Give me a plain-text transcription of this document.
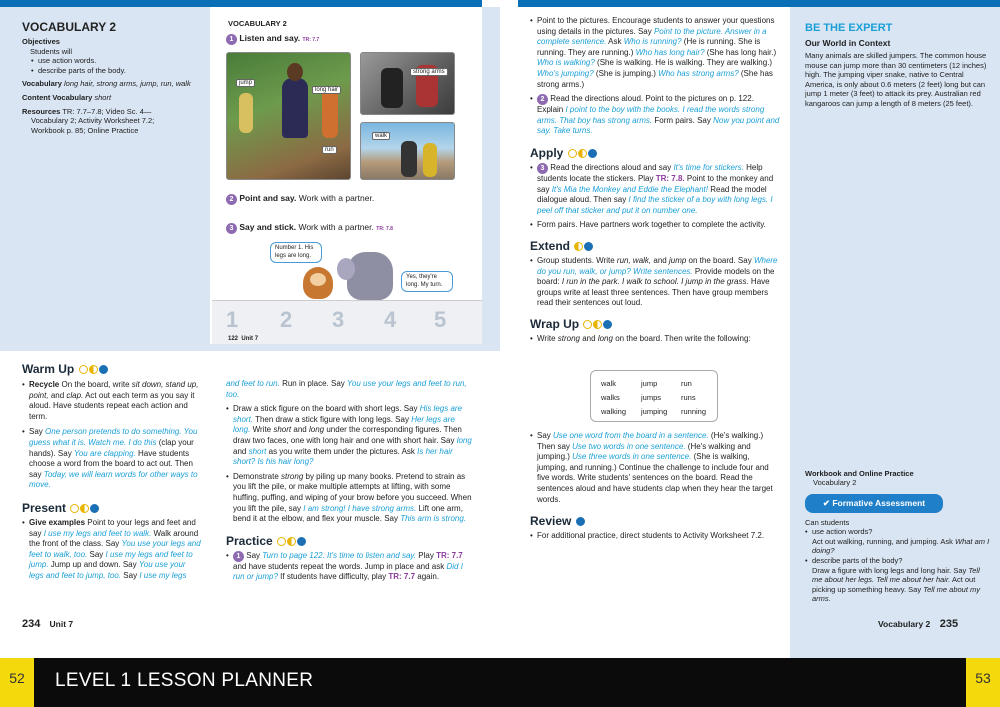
VOCABULARY 2
Objectives
Students will
• use action words.
• describe parts of the body.
Vocabulary long hair, strong arms, jump, run, walk
Content Vocabulary short
Resources TR: 7.7–7.8; Video Sc. 4—
Vocabulary 2; Activity Worksheet 7.2;
Workbook p. 85; Online Practice
VOCABULARY 2
1 Listen and say. TR: 7.7
jump
long hair
run
strong arms
walk
2 Point and say. Work with a partner.
3 Say and stick. Work with a partner. TR: 7.8
Number 1. His legs are long.
Yes, they're long. My turn.
1 2 3 4 5
122 Unit 7
Warm Up
• Recycle On the board, write sit down, stand up, point, and clap. Act out each term as you say it aloud. Have students repeat each action and term.
• Say One person pretends to do something. You guess what it is. Watch me. I do this (clap your hands). Say You are clapping. Have students choose a word from the board to act out. Then say Today, we will learn words for other ways to move.
Present
• Give examples Point to your legs and feet and say I use my legs and feet to walk. Walk around the front of the class. Say You use your legs and feet to walk, too. Say I use my legs and feet to jump. Jump up and down. Say You use your legs and feet to jump, too. Say I use my legs
and feet to run. Run in place. Say You use your legs and feet to run, too.
• Draw a stick figure on the board with short legs. Say His legs are short. Then draw a stick figure with long legs. Say Her legs are long. Write short and long under the corresponding figures. Then draw two faces, one with long hair and one with short hair. Say long and short as you write them under the pictures. Ask Is her hair short? Is his hair long?
• Demonstrate strong by piling up many books. Pretend to strain as you lift the pile, or make multiple attempts at lifting, with some huffing, puffing, and wiping of your brow before you succeed. When you lift the pile, say I am strong! I have strong arms. Lift one arm, bend it at the elbow, and flex your muscle. Say This arm is strong.
Practice
• 1 Say Turn to page 122. It's time to listen and say. Play TR: 7.7 and have students repeat the words. Jump in place and ask Did I run or jump? If students have difficulty, play TR: 7.7 again.
234 Unit 7
• Point to the pictures. Encourage students to answer your questions using details in the pictures. Say Point to the picture. Answer in a complete sentence. Ask Who is running? (He is running. She is running. They are running.) Who has long hair? (She has long hair.) Who is walking? (She is walking. He is walking. They are walking.) Who's jumping? (She is jumping.) Who has strong arms? (She has strong arms.)
• 2 Read the directions aloud. Point to the pictures on p. 122. Explain I point to the boy with the books. I read the words strong arms. That boy has strong arms. Form pairs. Say Now you point and say. Take turns.
Apply
• 3 Read the directions aloud and say It's time for stickers. Help students locate the stickers. Play TR: 7.8. Point to the monkey and say It's Mia the Monkey and Eddie the Elephant! Read the model dialogue aloud. Then say I find the sticker of a boy with long legs. I peel off that sticker and put it on number one.
• Form pairs. Have partners work together to complete the activity.
Extend
• Group students. Write run, walk, and jump on the board. Say Where do you run, walk, or jump? Write sentences. Provide models on the board: I run in the park. I walk to school. I jump in the grass. Have groups write at least three sentences. Then have group members read their sentences out loud.
Wrap Up
• Write strong and long on the board. Then write the following:
walk	jump	run
walks	jumps	runs
walking jumping running
• Say Use one word from the board in a sentence. (He's walking.) Then say Use two words in one sentence. (He's walking and jumping.) Use three words in one sentence. (She is walking, jumping, and running.) Continue the challenge to include four and five words. Write students' sentences on the board. Read the sentences aloud and have students clap when they hear the target words.
Review
• For additional practice, direct students to Activity Worksheet 7.2.
BE THE EXPERT
Our World in Context
Many animals are skilled jumpers. The common house mouse can jump more than 30 centimeters (12 inches) high. The jumping viper snake, native to Central America, is only about 0.6 meters (2 feet) long but can jump 1 meter (3 feet) to attack its prey. Australian red kangaroos can jump a length of 8 meters (25 feet).
Workbook and Online Practice
Vocabulary 2
✔ Formative Assessment
Can students
• use action words?
Act out walking, running, and jumping. Ask What am I doing?
• describe parts of the body?
Draw a figure with long legs and long hair. Say Tell me about her legs. Tell me about her hair. Act out picking up something heavy. Say Tell me about my arms.
Vocabulary 2 235
52	53
LEVEL 1 LESSON PLANNER
